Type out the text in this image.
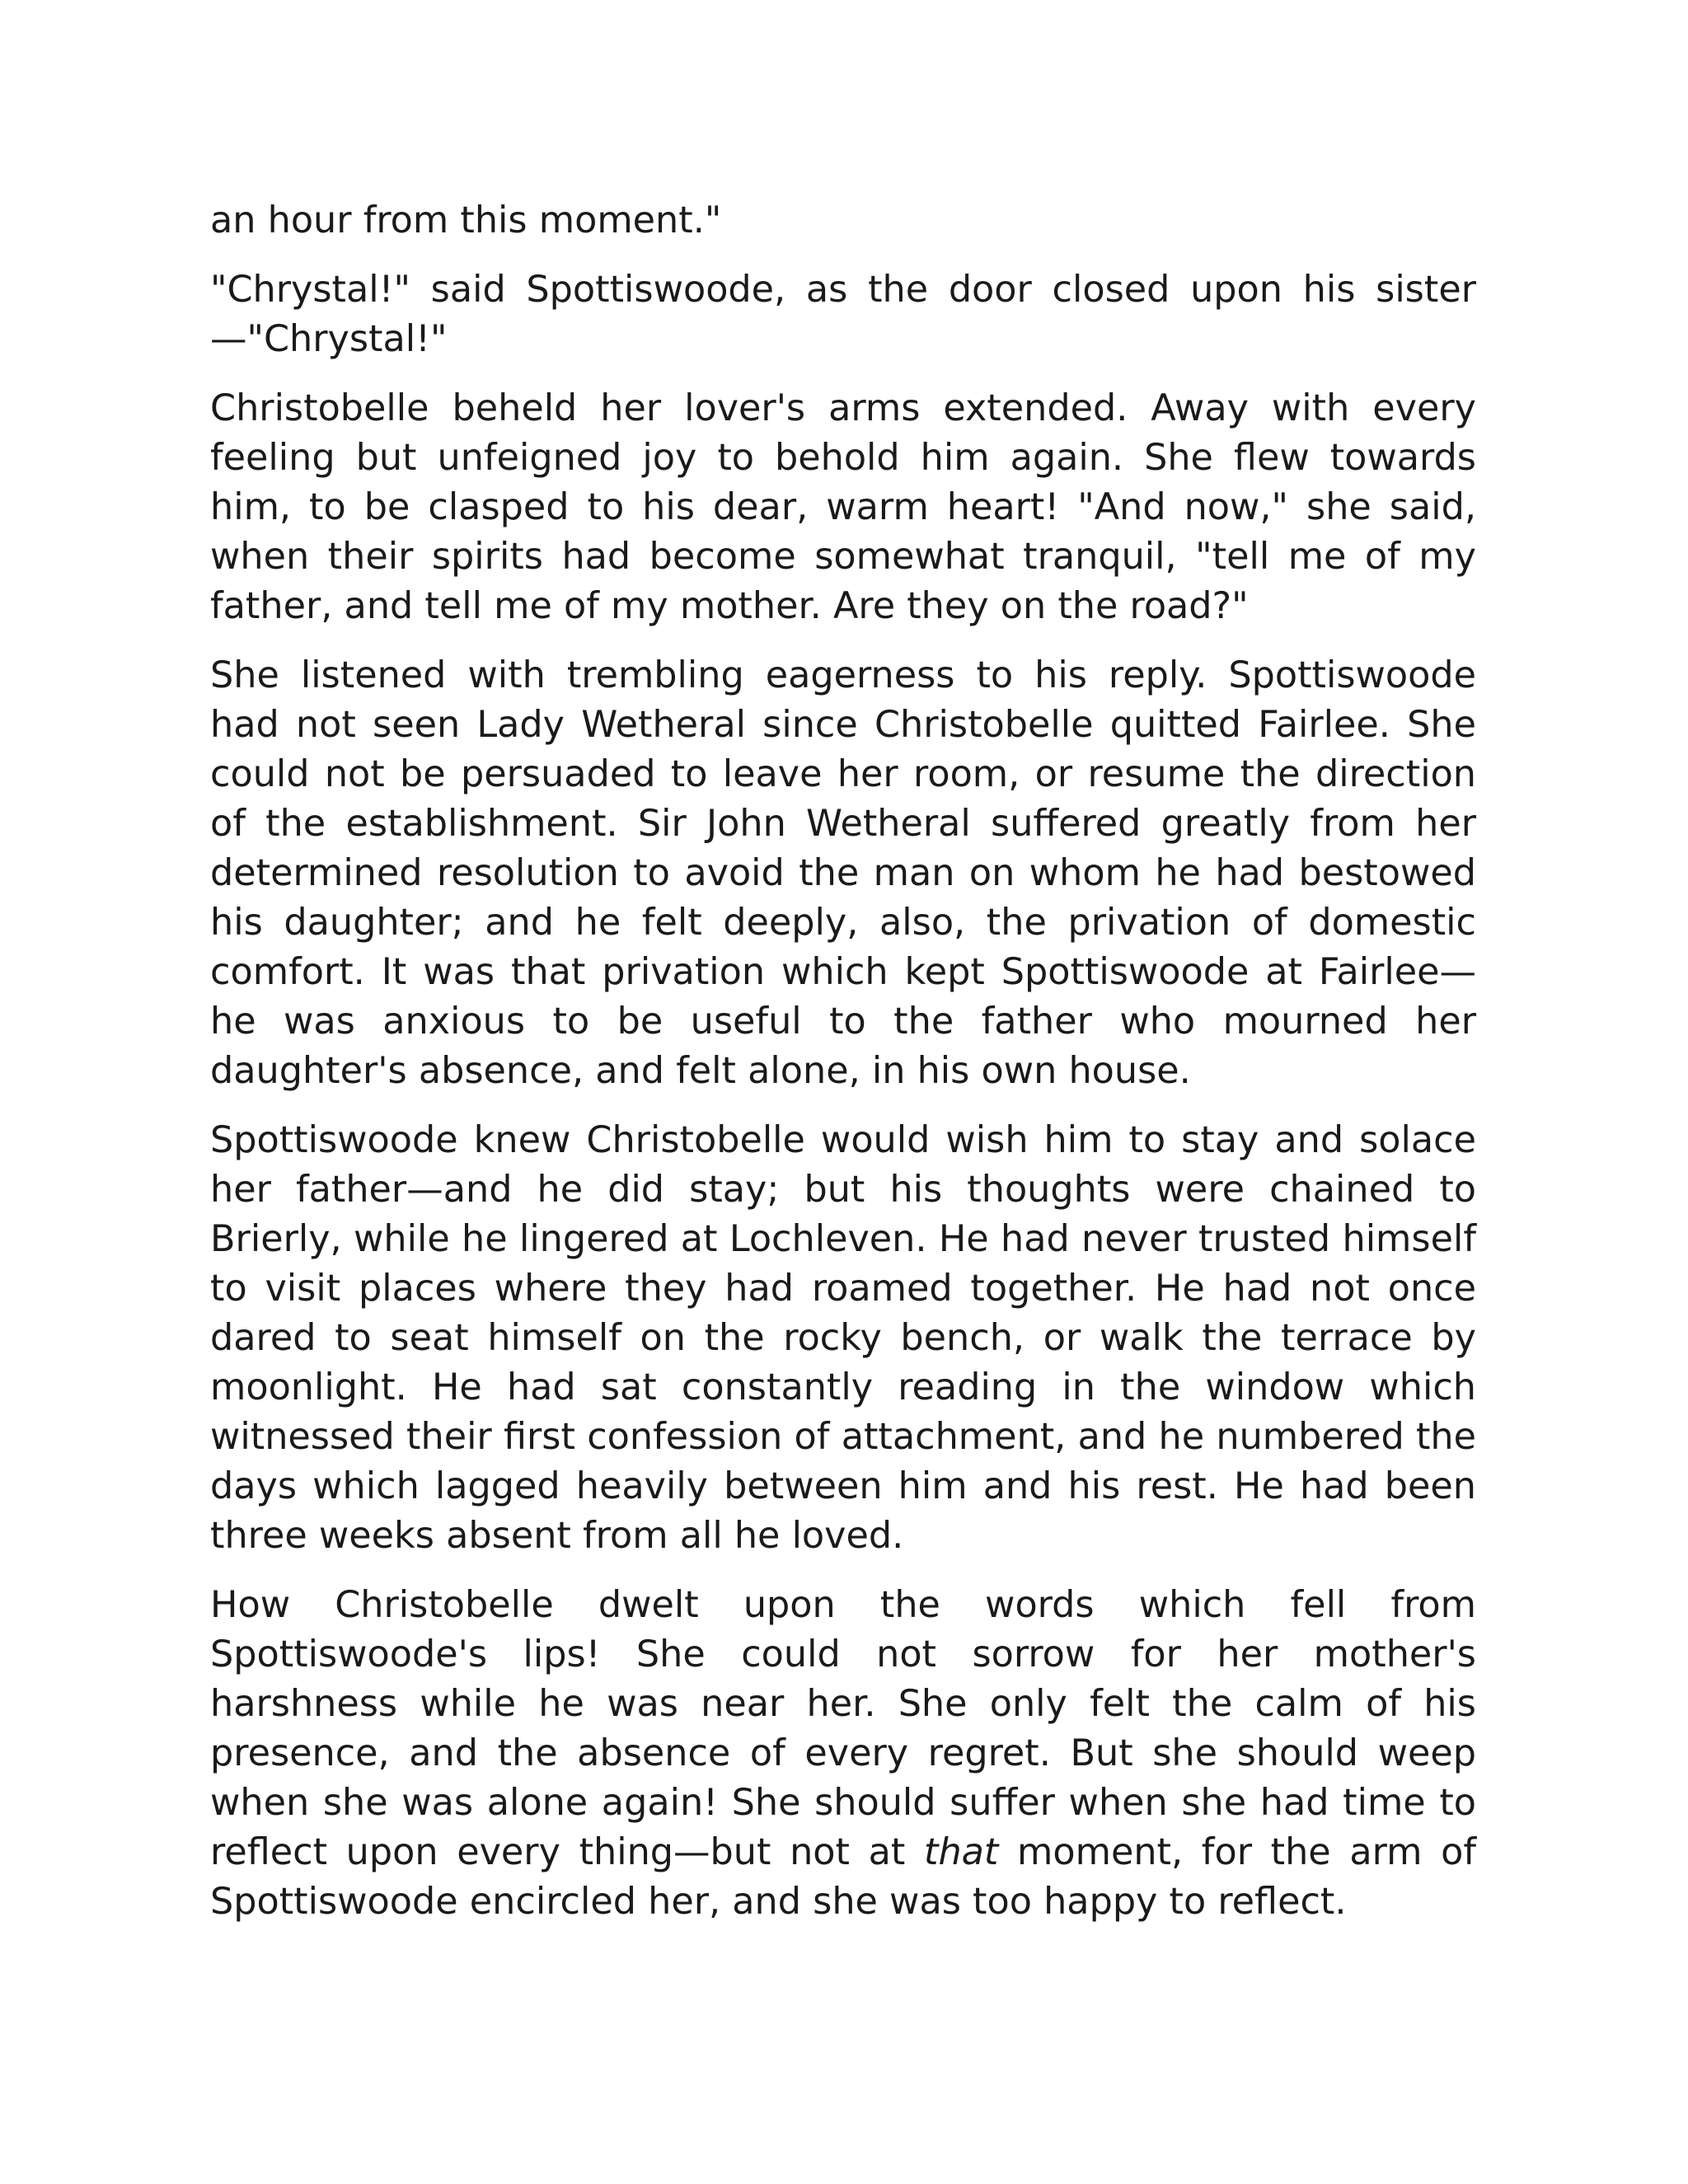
an hour from this moment."

"Chrystal!" said Spottiswoode, as the door closed upon his sister —"Chrystal!"

Christobelle beheld her lover's arms extended. Away with every feeling but unfeigned joy to behold him again. She flew towards him, to be clasped to his dear, warm heart! "And now," she said, when their spirits had become somewhat tranquil, "tell me of my father, and tell me of my mother. Are they on the road?"

She listened with trembling eagerness to his reply. Spottiswoode had not seen Lady Wetheral since Christobelle quitted Fairlee. She could not be persuaded to leave her room, or resume the direction of the establishment. Sir John Wetheral suffered greatly from her determined resolution to avoid the man on whom he had bestowed his daughter; and he felt deeply, also, the privation of domestic comfort. It was that privation which kept Spottiswoode at Fairlee— he was anxious to be useful to the father who mourned her daughter's absence, and felt alone, in his own house.

Spottiswoode knew Christobelle would wish him to stay and solace her father—and he did stay; but his thoughts were chained to Brierly, while he lingered at Lochleven. He had never trusted himself to visit places where they had roamed together. He had not once dared to seat himself on the rocky bench, or walk the terrace by moonlight. He had sat constantly reading in the window which witnessed their first confession of attachment, and he numbered the days which lagged heavily between him and his rest. He had been three weeks absent from all he loved.

How Christobelle dwelt upon the words which fell from Spottiswoode's lips! She could not sorrow for her mother's harshness while he was near her. She only felt the calm of his presence, and the absence of every regret. But she should weep when she was alone again! She should suffer when she had time to reflect upon every thing—but not at that moment, for the arm of Spottiswoode encircled her, and she was too happy to reflect.
